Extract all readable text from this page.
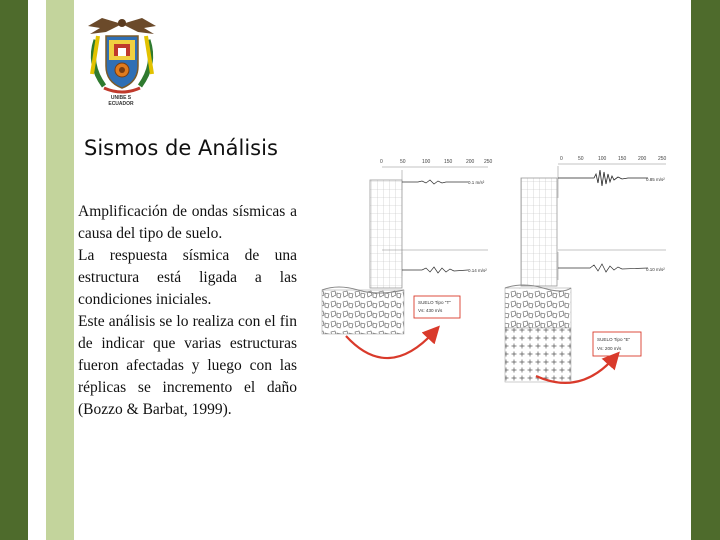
UNIBE S
ECUADOR
Sismos de Análisis

Amplificación de ondas sísmicas a causa del tipo de suelo.

La respuesta sísmica de una estructura está ligada a las condiciones iniciales.

Este análisis se lo realiza con el fin de indicar que varias estructuras fueron afectadas y luego con las réplicas se incremento el daño (Bozzo & Barbat, 1999).

0	50	100	150	200 250
0.1 m/s²
0.14 m/s²
SUELO Tipo "T"
Vs: 430 m/s
0	50	100 150 200 250
0.85 m/s²
0.10 m/s²
SUELO Tipo "E"
Vs: 200 m/s
